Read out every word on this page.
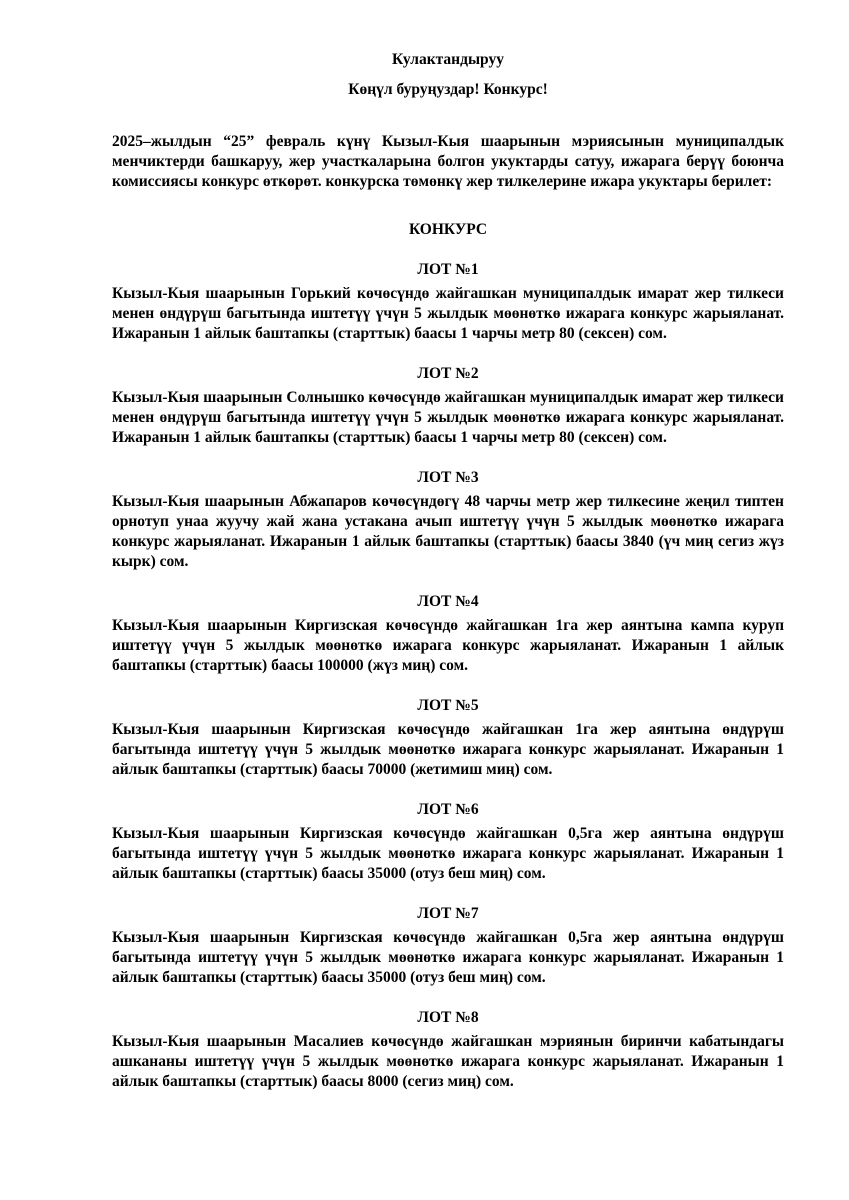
Кулактандыруу

Көңүл буруңуздар! Конкурс!

2025–жылдын “25” февраль күнү Кызыл-Кыя шаарынын мэриясынын муниципалдык менчиктерди башкаруу, жер участкаларына болгон укуктарды сатуу, ижарага берүү боюнча комиссиясы конкурс өткөрөт. конкурска төмөнкү жер тилкелерине ижара укуктары берилет:

КОНКУРС

ЛОТ №1

Кызыл-Кыя шаарынын Горький көчөсүндө жайгашкан муниципалдык имарат жер тилкеси менен өндүрүш багытында иштетүү үчүн 5 жылдык мөөнөткө ижарага конкурс жарыяланат. Ижаранын 1 айлык баштапкы (старттык) баасы 1 чарчы метр 80 (сексен) сом.

ЛОТ №2

Кызыл-Кыя шаарынын Солнышко көчөсүндө жайгашкан муниципалдык имарат жер тилкеси менен өндүрүш багытында иштетүү үчүн 5 жылдык мөөнөткө ижарага конкурс жарыяланат. Ижаранын 1 айлык баштапкы (старттык) баасы 1 чарчы метр 80 (сексен) сом.

ЛОТ №3

Кызыл-Кыя шаарынын Абжапаров көчөсүндөгү 48 чарчы метр жер тилкесине жеңил типтен орнотуп унаа жуучу жай жана устакана ачып иштетүү үчүн 5 жылдык мөөнөткө ижарага конкурс жарыяланат. Ижаранын 1 айлык баштапкы (старттык) баасы 3840 (үч миң сегиз жүз кырк) сом.

ЛОТ №4

Кызыл-Кыя шаарынын Киргизская көчөсүндө жайгашкан 1га жер аянтына кампа куруп иштетүү үчүн 5 жылдык мөөнөткө ижарага конкурс жарыяланат. Ижаранын 1 айлык баштапкы (старттык) баасы 100000 (жүз миң) сом.

ЛОТ №5

Кызыл-Кыя шаарынын Киргизская көчөсүндө жайгашкан 1га жер аянтына өндүрүш багытында иштетүү үчүн 5 жылдык мөөнөткө ижарага конкурс жарыяланат. Ижаранын 1 айлык баштапкы (старттык) баасы 70000 (жетимиш миң) сом.

ЛОТ №6

Кызыл-Кыя шаарынын Киргизская көчөсүндө жайгашкан 0,5га жер аянтына өндүрүш багытында иштетүү үчүн 5 жылдык мөөнөткө ижарага конкурс жарыяланат. Ижаранын 1 айлык баштапкы (старттык) баасы 35000 (отуз беш миң) сом.

ЛОТ №7

Кызыл-Кыя шаарынын Киргизская көчөсүндө жайгашкан 0,5га жер аянтына өндүрүш багытында иштетүү үчүн 5 жылдык мөөнөткө ижарага конкурс жарыяланат. Ижаранын 1 айлык баштапкы (старттык) баасы 35000 (отуз беш миң) сом.

ЛОТ №8

Кызыл-Кыя шаарынын Масалиев көчөсүндө жайгашкан мэриянын биринчи кабатындагы ашкананы иштетүү үчүн 5 жылдык мөөнөткө ижарага конкурс жарыяланат. Ижаранын 1 айлык баштапкы (старттык) баасы 8000 (сегиз миң) сом.
